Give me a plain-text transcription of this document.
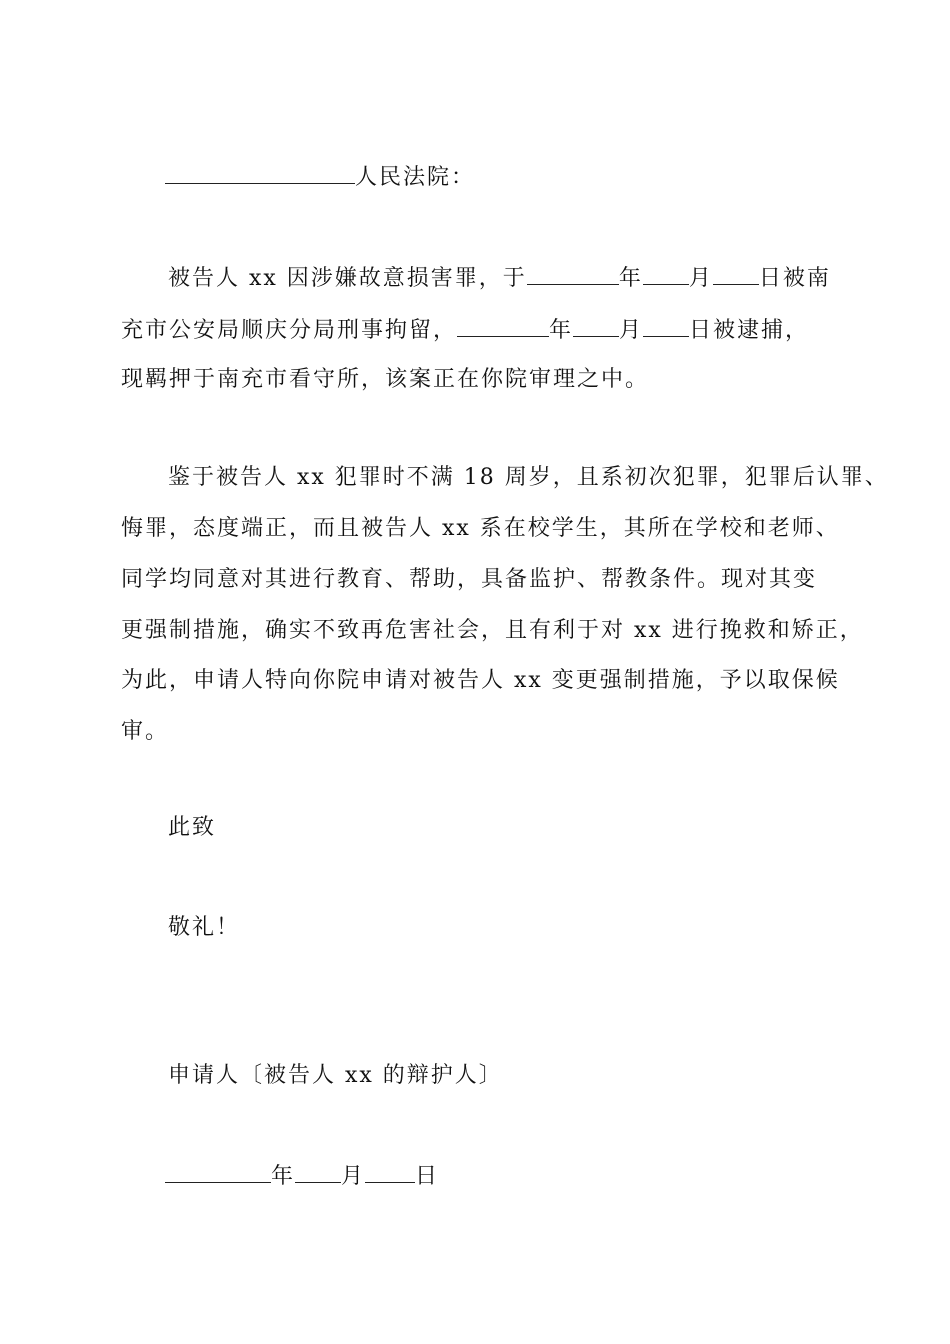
人民法院：
被告人 xx 因涉嫌故意损害罪，于	年 月 日被南
充市公安局顺庆分局刑事拘留，	年 月 日被逮捕，
现羁押于南充市看守所，该案正在你院审理之中。
鉴于被告人 xx 犯罪时不满 18 周岁，且系初次犯罪，犯罪后认罪、
悔罪，态度端正，而且被告人 xx 系在校学生，其所在学校和老师、
同学均同意对其进行教育、帮助，具备监护、帮教条件。现对其变
更强制措施，确实不致再危害社会，且有利于对 xx 进行挽救和矫正，
为此，申请人特向你院申请对被告人 xx 变更强制措施，予以取保候
审。
此致
敬礼！
申请人〔被告人 xx 的辩护人〕
年 月 日
